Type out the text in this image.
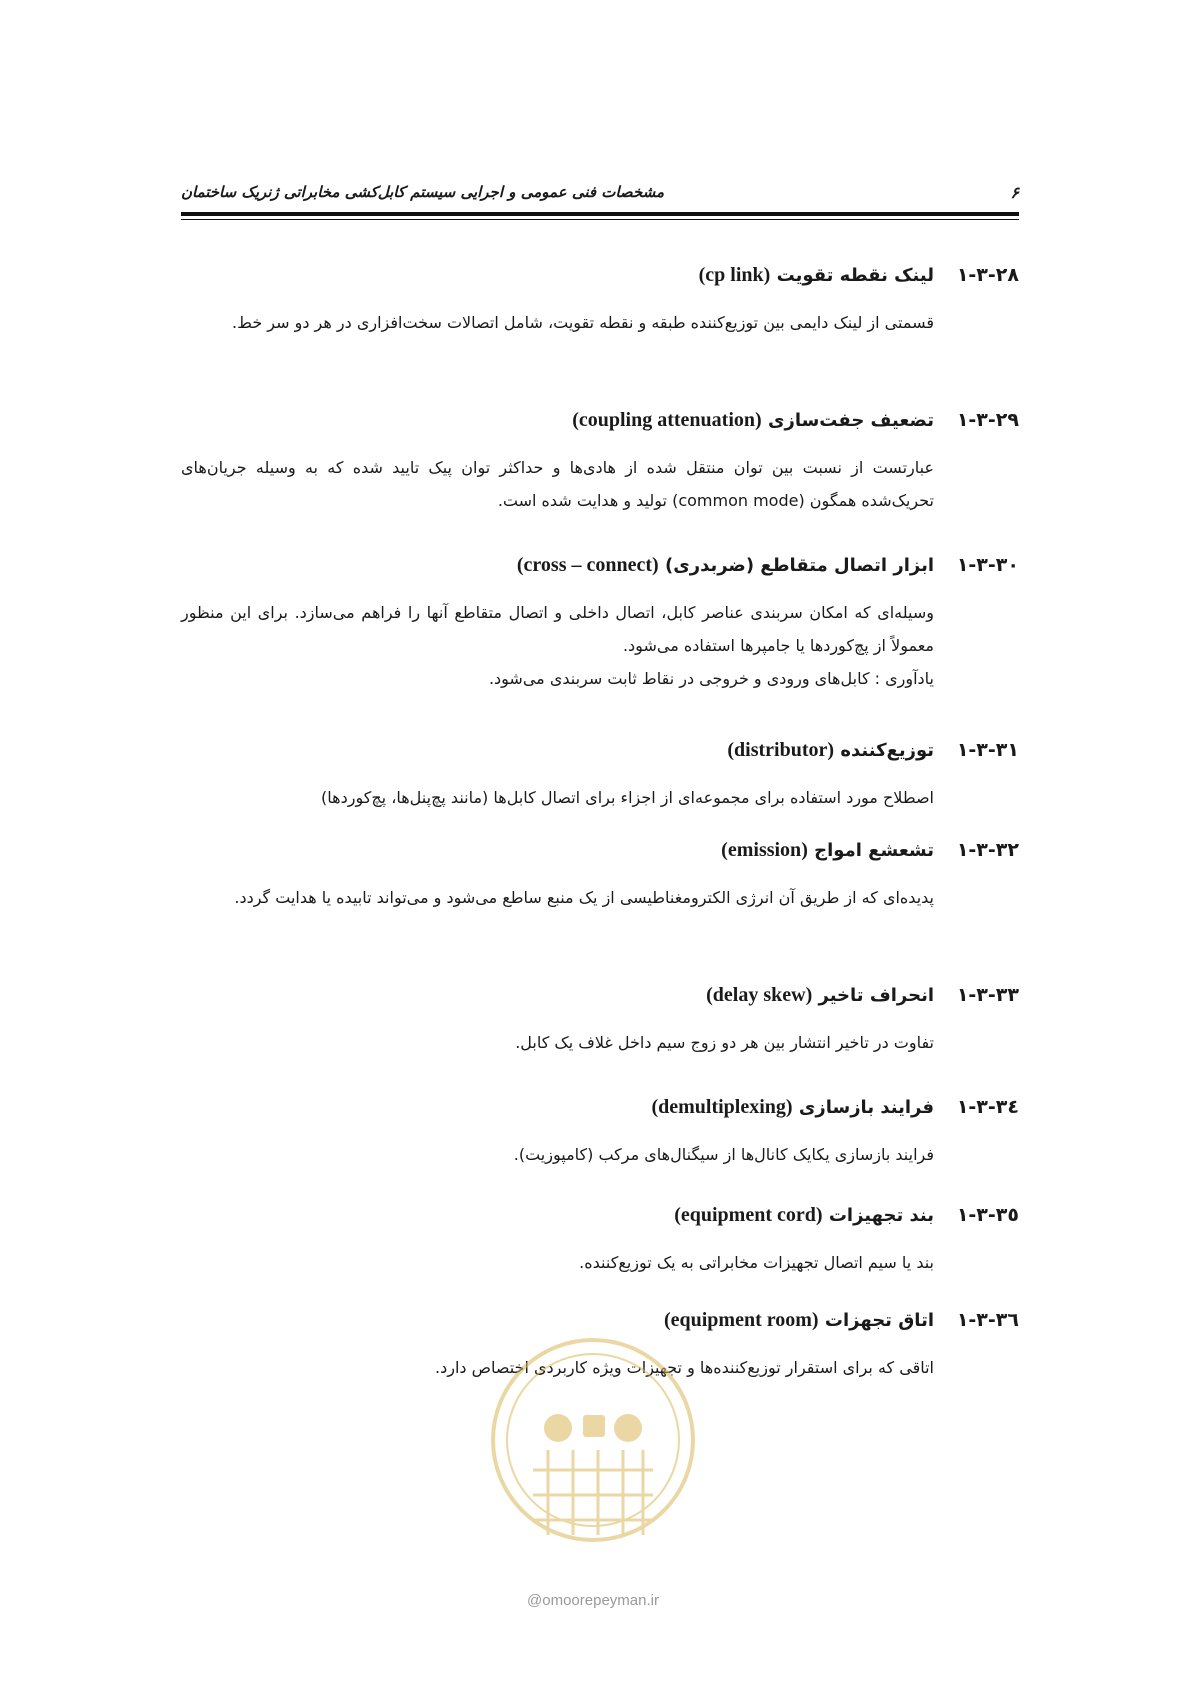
مشخصات فنی عمومی و اجرایی سیستم کابل‌کشی مخابراتی ژنریک ساختمان	۶
۱-۳-۲۸
لینک نقطه تقویت (cp link)

قسمتی از لینک دایمی بین توزیع‌کننده طبقه و نقطه تقویت، شامل اتصالات سخت‌افزاری در هر دو سر خط.

۱-۳-۲۹
تضعیف جفت‌سازی (coupling attenuation)

عبارتست از نسبت بین توان منتقل شده از هادی‌ها و حداکثر توان پیک تایید شده که به وسیله جریان‌های تحریک‌شده همگون (common mode) تولید و هدایت شده است.

۱-۳-۳۰
ابزار اتصال متقاطع (ضربدری) (cross – connect)

وسیله‌ای که امکان سربندی عناصر کابل، اتصال داخلی و اتصال متقاطع آنها را فراهم می‌سازد. برای این منظور معمولاً از پچ‌کوردها یا جامپرها استفاده می‌شود.

یادآوری : کابل‌های ورودی و خروجی در نقاط ثابت سربندی می‌شود.

۱-۳-۳۱
توزیع‌کننده (distributor)

اصطلاح مورد استفاده برای مجموعه‌ای از اجزاء برای اتصال کابل‌ها (مانند پچ‌پنل‌ها، پچ‌کوردها)

۱-۳-۳۲
تشعشع امواج (emission)

پدیده‌ای که از طریق آن انرژی الکترومغناطیسی از یک منبع ساطع می‌شود و می‌تواند تابیده یا هدایت گردد.

۱-۳-۳۳
انحراف تاخیر (delay skew)

تفاوت در تاخیر انتشار بین هر دو زوج سیم داخل غلاف یک کابل.

۱-۳-۳٤
فرایند بازسازی (demultiplexing)

فرایند بازسازی یکایک کانال‌ها از سیگنال‌های مرکب (کامپوزیت).

۱-۳-۳٥
بند تجهیزات (equipment cord)

بند یا سیم اتصال تجهیزات مخابراتی به یک توزیع‌کننده.

۱-۳-۳٦
اتاق تجهزات (equipment room)

اتاقی که برای استقرار توزیع‌کننده‌ها و تجهیزات ویژه کاربردی اختصاص دارد.

@omoorepeyman.ir
